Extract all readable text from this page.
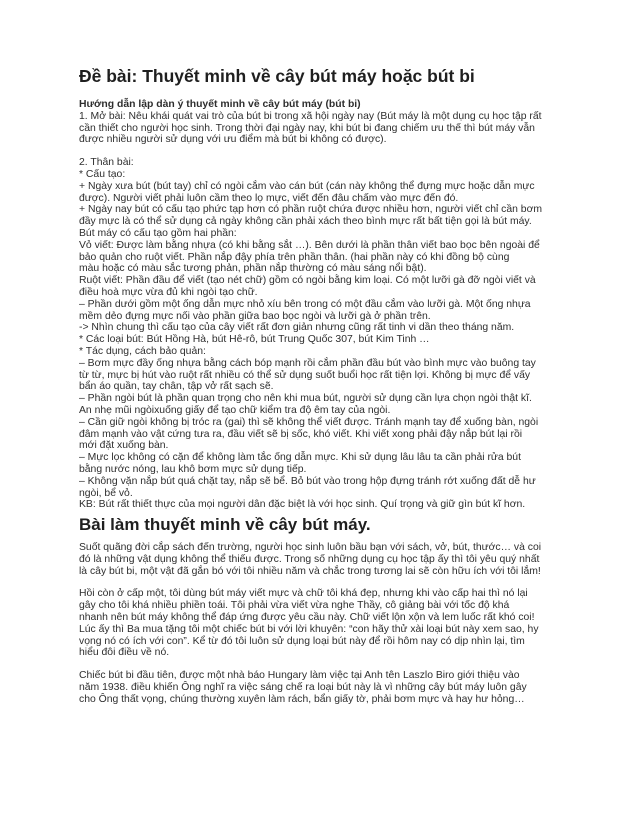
Đề bài: Thuyết minh về cây bút máy hoặc bút bi
Hướng dẫn lập dàn ý thuyết minh về cây bút máy (bút bi)
1. Mở bài: Nêu khái quát vai trò của bút bi trong xã hội ngày nay (Bút máy là một dụng cụ học tập rất
cần thiết cho người học sinh. Trong thời đại ngày nay, khi bút bi đang chiếm ưu thế thì bút máy vẫn
được nhiều người sử dụng với ưu điểm mà bút bi không có được).
2. Thân bài:
* Cấu tạo:
+ Ngày xưa bút (bút tay) chỉ có ngòi cắm vào cán bút (cán này không thể đựng mực hoặc dẫn mực
được). Người viết phải luôn cầm theo lọ mực, viết đến đâu chấm vào mực đến đó.
+ Ngày nay bút có cấu tạo phức tạp hơn có phần ruột chứa được nhiều hơn, người viết chỉ cần bơm
đầy mực là có thể sử dụng cả ngày không cần phải xách theo bình mực rất bất tiện gọi là bút máy.
Bút máy có cấu tạo gồm hai phần:
Vỏ viết: Được làm bằng nhựa (có khi bằng sắt …). Bên dưới là phần thân viết bao bọc bên ngoài để
bảo quản cho ruột viết. Phần nắp đậy phía trên phần thân. (hai phần này có khi đồng bộ cùng
màu hoặc có màu sắc tương phản, phần nắp thường có màu sáng nổi bật).
Ruột viết: Phần đầu để viết (tạo nét chữ) gồm có ngòi bằng kim loại. Có một lưỡi gà đỡ ngòi viết và
điều hoà mực vừa đủ khi ngòi tạo chữ.
– Phần dưới gồm một ống dẫn mực nhỏ xíu bên trong có một đầu cắm vào lưỡi gà. Một ống nhựa
mềm dẻo đựng mực nối vào phần giữa bao bọc ngòi và lưỡi gà ở phần trên.
-> Nhìn chung thì cấu tạo của cây viết rất đơn giản nhưng cũng rất tinh vi dần theo tháng năm.
* Các loại bút: Bút Hồng Hà, bút Hê-rô, bút Trung Quốc 307, bút Kim Tinh …
* Tác dụng, cách bảo quản:
– Bơm mực đầy ống nhựa bằng cách bóp mạnh rồi cắm phần đầu bút vào bình mực vào buông tay
từ từ, mực bị hút vào ruột rất nhiều có thể sử dụng suốt buổi học rất tiện lợi. Không bị mực để vấy
bẩn áo quần, tay chân, tập vở rất sạch sẽ.
– Phần ngòi bút là phần quan trọng cho nên khi mua bút, người sử dụng cần lựa chọn ngòi thật kĩ.
An nhẹ mũi ngòixuống giấy để tạo chữ kiểm tra độ êm tay của ngòi.
– Cần giữ ngòi không bị tróc ra (gai) thì sẽ không thể viết được. Tránh mạnh tay để xuống bàn, ngòi
đâm mạnh vào vật cứng tưa ra, đầu viết sẽ bị sốc, khó viết. Khi viết xong phải đậy nắp bút lại rồi
mới đặt xuống bàn.
– Mực lọc không có cặn để không làm tắc ống dẫn mực. Khi sử dụng lâu lâu ta cần phải rửa bút
bằng nước nóng, lau khô bơm mực sử dụng tiếp.
– Không vặn nắp bút quá chặt tay, nắp sẽ bể. Bỏ bút vào trong hộp đựng tránh rớt xuống đất dễ hư
ngòi, bể vỏ.
KB: Bút rất thiết thực của mọi người dân đặc biệt là với học sinh. Quí trọng và giữ gìn bút kĩ hơn.
Bài làm thuyết minh về cây bút máy.
Suốt quãng đời cắp sách đến trường, người học sinh luôn bầu bạn với sách, vở, bút, thước… và coi
đó là những vật dụng không thể thiếu được. Trong số những dụng cụ học tập ấy thì tôi yêu quý nhất
là cây bút bi, một vật đã gắn bó với tôi nhiều năm và chắc trong tương lai sẽ còn hữu ích với tôi lắm!
Hồi còn ở cấp một, tôi dùng bút máy viết mực và chữ tôi khá đẹp, nhưng khi vào cấp hai thì nó lại
gây cho tôi khá nhiều phiền toái. Tôi phải vừa viết vừa nghe Thầy, cô giảng bài với tốc độ khá
nhanh nên bút máy không thể đáp ứng được yêu cầu này. Chữ viết lộn xộn và lem luốc rất khó coi!
Lúc ấy thì Ba mua tặng tôi một chiếc bút bi với lời khuyên: “con hãy thử xài loại bút này xem sao, hy
vọng nó có ích với con”. Kể từ đó tôi luôn sử dụng loại bút này để rồi hôm nay có dịp nhìn lại, tìm
hiểu đôi điều về nó.
Chiếc bút bi đầu tiên, được một nhà báo Hungary làm việc tại Anh tên Laszlo Biro giới thiệu vào
năm 1938. điều khiến Ông nghĩ ra việc sáng chế ra loại bút này là vì những cây bút máy luôn gây
cho Ông thất vọng, chúng thường xuyên làm rách, bẩn giấy tờ, phải bơm mực và hay hư hỏng…
